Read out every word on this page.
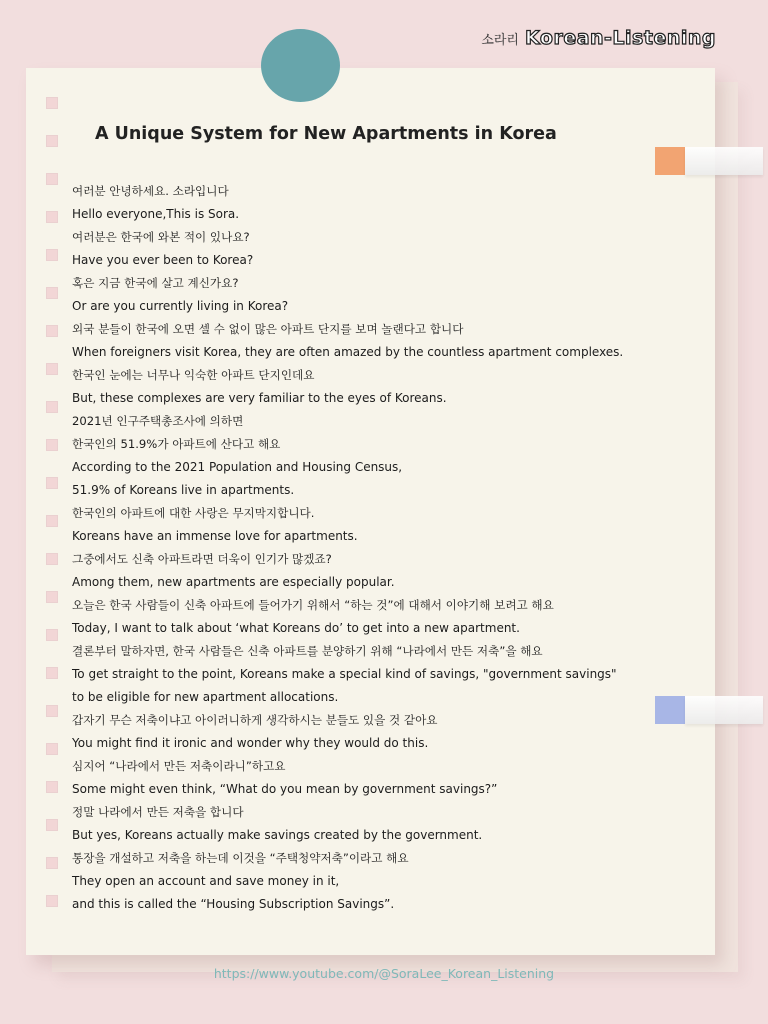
소라리 Korean-Listening
A Unique System for New Apartments in Korea
여러분 안녕하세요. 소라입니다
Hello everyone,This is Sora.
여러분은 한국에 와본 적이 있나요?
Have you ever been to Korea?
혹은 지금 한국에 살고 계신가요?
Or are you currently living in Korea?
외국 분들이 한국에 오면 셀 수 없이 많은 아파트 단지를 보며 놀랜다고 합니다
When foreigners visit Korea, they are often amazed by the countless apartment complexes.
한국인 눈에는 너무나 익숙한 아파트 단지인데요
But, these complexes are very familiar to the eyes of Koreans.
2021년 인구주택총조사에 의하면
한국인의 51.9%가 아파트에 산다고 해요
According to the 2021 Population and Housing Census,
51.9% of Koreans live in apartments.
한국인의 아파트에 대한 사랑은 무지막지합니다.
Koreans have an immense love for apartments.
그중에서도 신축 아파트라면 더욱이 인기가 많겠죠?
Among them, new apartments are especially popular.
오늘은 한국 사람들이 신축 아파트에 들어가기 위해서 “하는 것”에 대해서 이야기해 보려고 해요
Today, I want to talk about ‘what Koreans do’ to get into a new apartment.
결론부터 말하자면, 한국 사람들은 신축 아파트를 분양하기 위해 “나라에서 만든 저축”을 해요
To get straight to the point, Koreans make a special kind of savings, "government savings"
to be eligible for new apartment allocations.
갑자기 무슨 저축이냐고 아이러니하게 생각하시는 분들도 있을 것 같아요
You might find it ironic and wonder why they would do this.
심지어 “나라에서 만든 저축이라니”하고요
Some might even think, “What do you mean by government savings?”
정말 나라에서 만든 저축을 합니다
But yes, Koreans actually make savings created by the government.
통장을 개설하고 저축을 하는데 이것을 “주택청약저축”이라고 해요
They open an account and save money in it,
and this is called the “Housing Subscription Savings”.
https://www.youtube.com/@SoraLee_Korean_Listening
